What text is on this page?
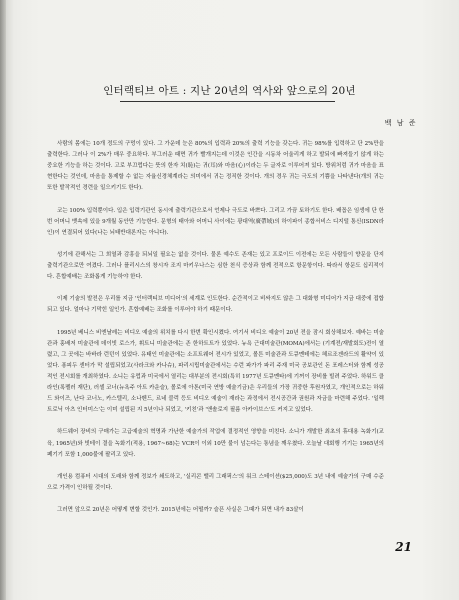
인터랙티브 아트 : 지난 20년의 역사와 앞으로의 20년
백 남 준

사람의 몸에는 10개 정도의 구멍이 있다. 그 가운데 눈은 80%의 입력과 20%의 출력 기능을 갖는다. 귀는 98%를 입력하고 단 2%만을 출력한다. 그러나 이 2%가 매우 중요하다. 부그러운 때면 귀가 빨개지는데 이것은 인간을 시동차 어울리게 하고 발되에 빠져들기 않게 하는 중요한 기능을 하는 것이다. 고로 부끄럽다는 뜻의 한자 치(恥)는 귀(耳)와 마음(心)이라는 두 글자로 이루어져 있다. 방위처럼 귀가 마음을 표현한다는 것인데, 마음을 통제할 수 없는 자율신경체계라는 의미에서 귀는 정직한 것이다. 개의 경우 귀는 극도의 기쁨을 나타낸다(개의 귀는 또한 발작적인 경련을 일으키기도 한다).

코는 100% 입력뿐이다. 입은 입력기관인 동시에 출력기관으로서 언제나 극도로 바쁘다. 그리고 가끔 토하기도 한다. 배꼽은 임생에 단 한번 어머니 뱃속에 있을 9개월 동안만 기능한다. 문형의 태아와 어머니 사이에는 광대역(廣帶域)의 하이파이 종합서비스 디지털 통신(ISDN라인)이 연결되어 있다(나는 뇌태반대론자는 아니다).

성기에 관해서는 그 희열과 감흥을 되뇌일 필요는 없을 것이다. 물론 예수도 존재는 있고 프로이드 이전에는 모든 사람들이 향문을 단지 출력기관으로만 여겼다. 그러나 플리시스의 창시자 조지 마키우나스는 심한 천식 증상과 함께 전적으로 항문항이다. 따라서 항문도 십리적이다. 흔합예배는 조화롭게 기능하야 한다.

이제 기술의 발전은 우리를 지금 '인터랙티브 미디어'의 세계로 인도한다. 순간적이고 비싸지도 않은 그 대화형 미디어가 지금 대중에 접합되고 있다. 얼마나 기막힌 일인가. 흔합예배는 조화를 이루어야 하기 때문이다.

1995년 베니스 비엔날레는 비디오 예술의 위치를 다시 한번 확인시켰다. 여기서 비디오 예술이 20년 전을 잠시 회상해보자. 예바는 미술관과 홍배저 미술관에 데이빗 로스가, 휘트니 미술관에는 존 한하트트가 있었다. 뉴욕 근대미술관(MOMA)에서는 (기계전/재발회도)전이 열렸고, 그 곳에는 바바라 런던이 있었다. 유태인 미술관에는 소프트웨어 전시가 있었고, 볼튼 미술관과 도큐멘테에는 헤르조겐라드의 활약이 있었다. 퐁피두 센터가 막 설립되었고(사라크와 카나슈), 파리시립미술관에서는 수런 파가가 파리 주재 미국 공보관인 돈 포레스터와 함께 성공적인 전시회를 개최하였다. 소니는 유럽과 미국에서 열리는 대부분의 전시회(특히 1977년 도큐멘타)에 기꺼이 장비를 빌려 주었다. 하워드 클라인(록펠러 재단), 러셀 코너(뉴욕주 아트 카운슬), 볼로에 아톤(미국 연방 예술기금)은 우리들의 가장 귀중한 후원자였고, 개인적으로는 하워드 와이즈, 난다 코너노, 카스텔리, 소나벤드, 르네 블럭 등도 비디오 예술이 재라는 과정에서 전시공간과 권원과 자금을 마련해 주었다. '일렉트로닉 아츠 인터미스'는 이미 설립된 지 5년이나 되었고, '키친'과 '앤솔로지 필름 아카이브스'도 커지고 있었다.

하드웨어 장비의 구매가는 고급예술의 혁명과 가난한 예술가의 작업에 결정적인 영향을 미친다. 소니가 개발한 최초의 휴대용 녹화기(교육, 1965년)와 빗테이 결을 녹화기(적용, 1967~68)는 VCR이 이외 10만 불이 넘는다는 통념을 깨우쳤다. 오늘날 대회행 기기는 1965년의 폐기기 포함 1,000불에 팔리고 있다.

개인용 컴퓨터 시대의 도래와 함께 정보가 쇄도하고, '실리콘 밸리 그래픽스'의 워크 스테이션($25,000)도 3년 내에 예술가의 구매 수준으로 가격이 인하될 것이다.

그러면 앞으로 20년은 어떻게 변할 것인가. 2015년에는 어떨까? 슬픈 사실은 그때가 되면 내가 83살이

21
